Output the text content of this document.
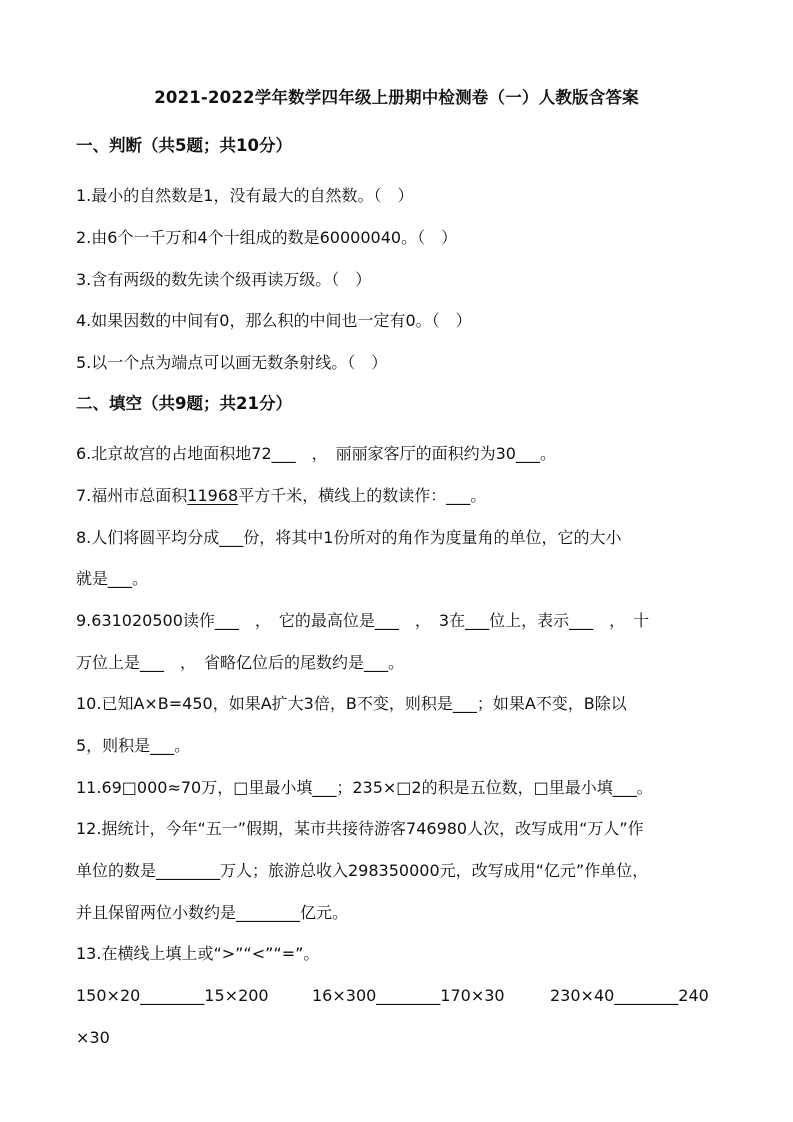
2021-2022学年数学四年级上册期中检测卷（一）人教版含答案
一、判断（共5题；共10分）
1.最小的自然数是1，没有最大的自然数。（　）
2.由6个一千万和4个十组成的数是60000040。（　）
3.含有两级的数先读个级再读万级。（　）
4.如果因数的中间有0，那么积的中间也一定有0。（　）
5.以一个点为端点可以画无数条射线。（　）
二、填空（共9题；共21分）
6.北京故宫的占地面积地72___　，　丽丽家客厅的面积约为30___。
7.福州市总面积11968平方千米，横线上的数读作：___。
8.人们将圆平均分成___份，将其中1份所对的角作为度量角的单位，它的大小
就是___。
9.631020500读作___　，　它的最高位是___　，　3在___位上，表示___　，　十
万位上是___　，　省略亿位后的尾数约是___。
10.已知A×B=450，如果A扩大3倍，B不变，则积是___；如果A不变，B除以
5，则积是___。
11.69□000≈70万，□里最小填___；235×□2的积是五位数，□里最小填___。
12.据统计，今年“五一”假期，某市共接待游客746980人次，改写成用“万人”作
单位的数是________万人；旅游总收入298350000元，改写成用“亿元”作单位，
并且保留两位小数约是________亿元。
13.在横线上填上或“>”“<”“=”。
150×20________15×200	16×300________170×30	230×40________240
×30
